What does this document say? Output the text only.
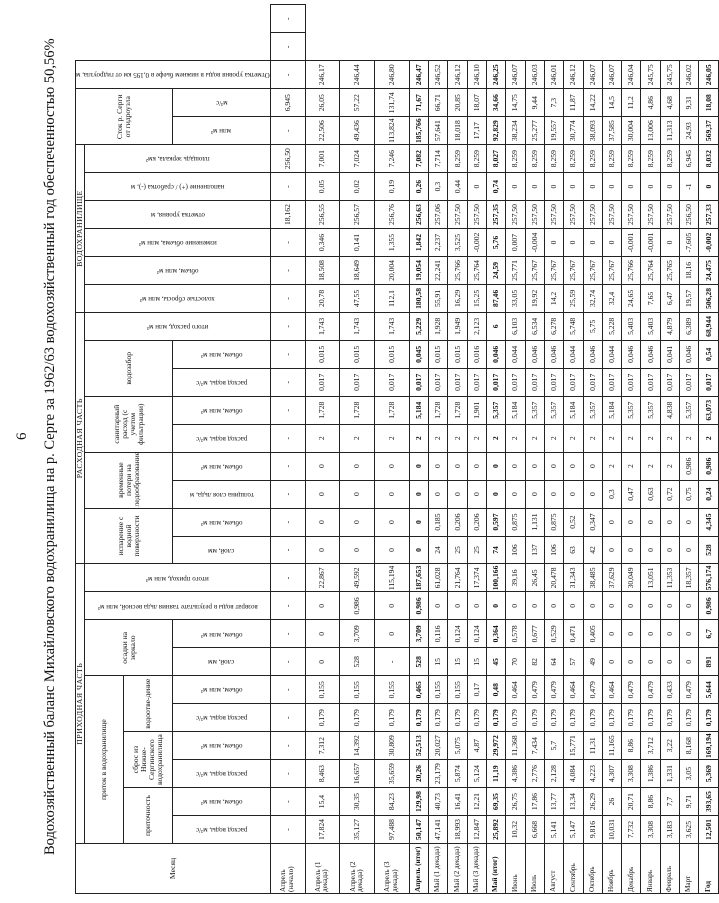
6 Водохозяйственный баланс Михайловского водохранилища на р. Серге за 1962/63 водохозяйственный год обеспеченностью 50,56%
Месяц	ПРИХОДНАЯ ЧАСТЬ										РАСХОДНАЯ ЧАСТЬ									ВОДОХРАНИЛИЩЕ						Сток р. Серги от гидроузла		Отметка уровня воды в нижнем бьефе в 0,195 км от гидроузла, м		

	приток в водохранилище						осадки на зеркало		возврат воды в результате таяния льда весной, млн м³	итого приход, млн м³	испарение с водной поверхности		временные потери на ледообразование		санитарный расход (с учетом фильтрации)		водозабор		итого расход, млн м³	холостые сбросы, млн м³	объем, млн м³	изменение объема, млн м³	отметка уровня, м	наполнение (+) / сработка (-), м	площадь зеркала, км²					

	приточность		сброс из Нижне-Сергинского водохранилища		водоотве-дение																									

	расход воды, м³/с	объем, млн м³	расход воды, м³/с	объем, млн м³	расход воды, м³/с	объем, млн м³	слой, мм	объем, млн м³			слой, мм	объем, млн м³	толщина слоя льда, м	объем, млн м³	расход воды, м³/с	объем, млн м³	расход воды, м³/с	объем, млн м³								млн м³	м³/с			

Апрель (начало)	-	-	-	-	-	-	-	-	-	-	-	-	-	-	-	-	-	-	-	-	-	-	18,162	-	256,50	-	6,945	-	-	-
Апрель (1 декада)	17,824	15,4	8,463	7,312	0,179	0,155	0	0	0	22,867	0	0	0	0	2	1,728	0,017	0,015	1,743	20,78	18,508	0,346	256,55	0,05	7,001	22,506	26,05	246,17		
Апрель (2 декада)	35,127	30,35	16,657	14,392	0,179	0,155	528	3,709	0,986	49,592	0	0	0	0	2	1,728	0,017	0,015	1,743	47,55	18,649	0,141	256,57	0,02	7,024	49,436	57,22	246,44		
Апрель (3 декада)	97,488	84,23	35,659	30,809	0,179	0,155	-	0	0	115,194	0	0	0	0	2	1,728	0,017	0,015	1,743	112,1	20,004	1,355	256,76	0,19	7,246	113,824	131,74	246,80		
Апрель (итог)	50,147	129,98	20,26	52,513	0,179	0,465	528	3,709	0,986	187,653	0	0	0	0	2	5,184	0,017	0,045	5,229	180,58	19,054	1,842	256,63	0,26	7,082	185,766	71,67	246,47		
Май (1 декада)	47,141	40,73	23,179	20,027	0,179	0,155	15	0,116	0	61,028	24	0,185	0	0	2	1,728	0,017	0,015	1,928	55,91	22,241	2,237	257,06	0,3	7,714	57,641	66,71	246,52		
Май (2 декада)	18,993	16,41	5,874	5,075	0,179	0,155	15	0,124	0	21,764	25	0,206	0	0	2	1,728	0,017	0,015	1,949	16,29	25,766	3,525	257,50	0,44	8,259	18,018	20,85	246,12		
Май (3 декада)	12,847	12,21	5,124	4,87	0,179	0,17	15	0,124	0	17,374	25	0,206	0	0	2	1,901	0,017	0,016	2,123	15,25	25,764	-0,002	257,50	0	8,259	17,17	18,07	246,10		
Май (итог)	25,892	69,35	11,19	29,972	0,179	0,48	45	0,364	0	100,166	74	0,597	0	0	2	5,357	0,017	0,046	6	87,46	24,59	5,76	257,35	0,74	8,027	92,829	34,66	246,25		
Июнь	10,32	26,75	4,386	11,368	0,179	0,464	70	0,578	0	39,16	106	0,875	0	0	2	5,184	0,017	0,044	6,103	33,05	25,771	0,007	257,50	0	8,259	38,234	14,75	246,07		
Июль	6,668	17,86	2,776	7,434	0,179	0,479	82	0,677	0	26,45	137	1,131	0	0	2	5,357	0,017	0,046	6,534	19,92	25,767	-0,004	257,50	0	8,259	25,277	9,44	246,03		
Август	5,141	13,77	2,128	5,7	0,179	0,479	64	0,529	0	20,478	106	0,875	0	0	2	5,357	0,017	0,046	6,278	14,2	25,767	0	257,50	0	8,259	19,557	7,3	246,01		
Сентябрь	5,147	13,34	4,084	15,771	0,179	0,464	57	0,471	0	31,343	63	0,52	0	0	2	5,184	0,017	0,044	5,748	25,59	25,767	0	257,50	0	8,259	30,774	11,87	246,12		
Октябрь	9,816	26,29	4,223	11,31	0,179	0,479	49	0,405	0	38,485	42	0,347	0	0	2	5,357	0,017	0,046	5,75	32,74	25,767	0	257,50	0	8,259	38,093	14,22	246,07		
Ноябрь	10,031	26	4,307	11,165	0,179	0,464	0	0	0	37,629	0	0	0,3	2	2	5,184	0,017	0,044	5,228	32,4	25,767	0	257,50	0	8,259	37,585	14,5	246,07		
Декабрь	7,732	20,71	3,308	8,86	0,179	0,479	0	0	0	30,049	0	0	0,47	2	2	5,357	0,017	0,046	5,403	24,65	25,766	-0,001	257,50	0	8,259	30,004	11,2	246,04		
Январь	3,308	8,86	1,386	3,712	0,179	0,479	0	0	0	13,051	0	0	0,63	2	2	5,357	0,017	0,046	5,403	7,65	25,764	-0,001	257,50	0	8,259	13,006	4,86	245,75		
Февраль	3,183	7,7	1,331	3,22	0,179	0,433	0	0	0	11,353	0	0	0,72	2	2	4,838	0,017	0,041	4,879	6,47	25,765	0	257,50	0	8,259	11,313	4,68	245,75		
Март	3,625	9,71	3,05	8,168	0,179	0,479	0	0	0	18,357	0	0	0,75	0,986	2	5,357	0,017	0,046	6,389	19,57	18,16	-7,605	256,50	-1	6,945	24,93	9,31	246,02		
Год	12,501	393,65	5,369	169,194	0,179	5,644	891	6,7	0,986	576,174	528	4,345	0,24	0,986	2	63,073	0,017	0,54	68,944	506,28	24,475	-0,002	257,33	0	8,032	569,37	18,08	246,05		
